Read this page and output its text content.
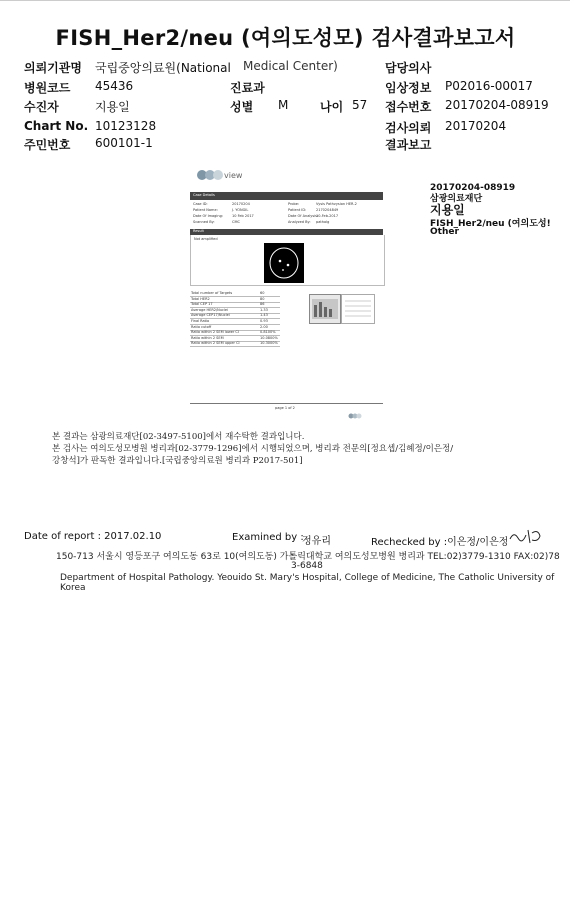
FISH_Her2/neu (여의도성모) 검사결과보고서
의뢰기관명 국립중앙의료원(National Medical Center)	담당의사
병원코드 45436	진료과	임상정보 P02016-00017
수진자	지용일	성별 M	나이 57 접수번호 20170204-08919
Chart No. 10123128	검사의뢰 20170204
주민번호 600101-1	결과보고
view
Case Details
Case ID:	20170204	Probe:	Vysis Pathvysion HER-2
Patient Name:	J. YONGIL	Patient ID:	2170204849
Date Of Imaging:	10 Feb 2017	Date Of Analysis:
10-Feb-2017
Scanned By:	CMC	Analyzed By: patholg
Result
Not amplified
Total number of Targets	60
Total HER2	80
Total CEP 17	86
Average HER2/Nuclei	1.33
Average CEP17/Nuclei	1.43
Final Ratio	0.93
Ratio cutoff	2.00
Ratio within 2 SEM lower CI	0.8100%
Ratio within 2 SEM	10.0800%
Ratio within 2 SEM upper CI	10.3000%
page 1 of 2
20170204-08919
삼광의료재단
지용일
FISH_Her2/neu (여의도성!
Other
본 결과는 삼광의료재단[02-3497-5100]에서 재수탁한 결과입니다.
본 검사는 여의도성모병원 병리과[02-3779-1296]에서 시행되었으며, 병리과 전문의[정요셉/김혜정/이은정/
강창석]가 판독한 결과입니다.[국립중앙의료원 병리과 P2017-501]
Date of report : 2017.02.10	Examined by :
정유리	Rechecked by :이은정/이은정
150-713 서울시 영등포구 여의도동 63로 10(여의도동) 가톨릭대학교 여의도성모병원 병리과 TEL:02)3779-1310 FAX:02)78
3-6848
Department of Hospital Pathology. Yeouido St. Mary's Hospital, College of Medicine, The Catholic University of Korea
